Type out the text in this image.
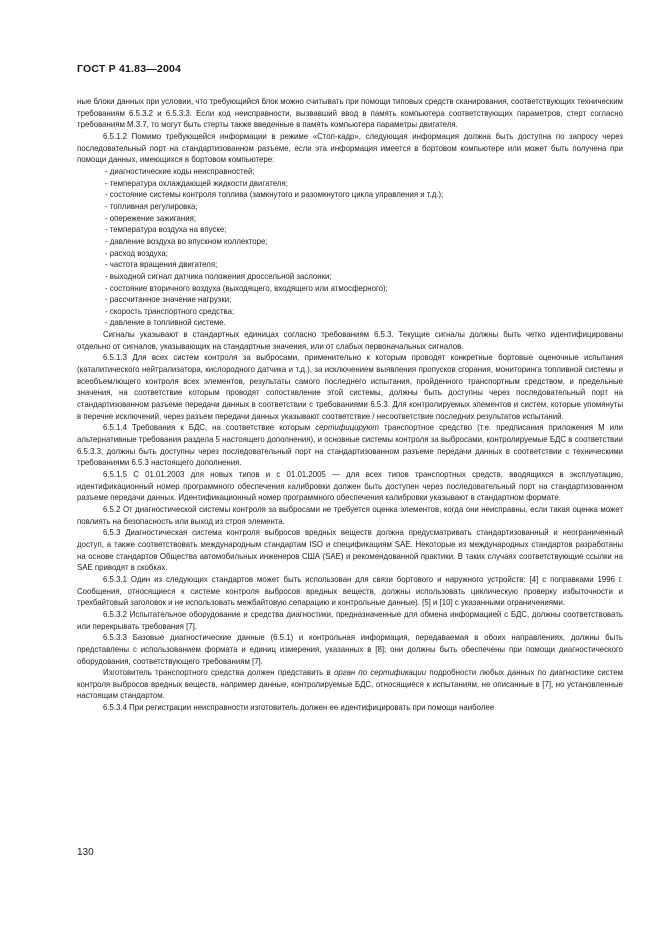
ГОСТ Р 41.83—2004

ные блоки данных при условии, что требующийся блок можно считывать при помощи типовых средств сканирования, соответствующих техническим требованиям 6.5.3.2 и 6.5.3.3. Если код неисправности, вызвавший ввод в память компьютера соответствующих параметров, стерт согласно требованиям М.3.7, то могут быть стерты также введенные в память компьютера параметры двигателя.

6.5.1.2 Помимо требующейся информации в режиме «Стоп-кадр», следующая информация должна быть доступна по запросу через последовательный порт на стандартизованном разъеме, если эта информация имеется в бортовом компьютере или может быть получена при помощи данных, имеющихся в бортовом компьютере:

- диагностические коды неисправностей;
- температура охлаждающей жидкости двигателя;
- состояние системы контроля топлива (замкнутого и разомкнутого цикла управления и т.д.);
- топливная регулировка;
- опережение зажигания;
- температура воздуха на впуске;
- давление воздуха во впускном коллекторе;
- расход воздуха;
- частота вращения двигателя;
- выходной сигнал датчика положения дроссельной заслонки;
- состояние вторичного воздуха (выходящего, входящего или атмосферного);
- рассчитанное значение нагрузки;
- скорость транспортного средства;
- давление в топливной системе.

Сигналы указывают в стандартных единицах согласно требованиям 6.5.3. Текущие сигналы должны быть четко идентифицированы отдельно от сигналов, указывающих на стандартные значения, или от слабых первоначальных сигналов.

6.5.1.3 Для всех систем контроля за выбросами, применительно к которым проводят конкретные бортовые оценочные испытания (каталитического нейтрализатора, кислородного датчика и т.д.), за исключением выявления пропусков сгорания, мониторинга топливной системы и всеобъемлющего контроля всех элементов, результаты самого последнего испытания, пройденного транспортным средством, и предельные значения, на соответствие которым проводят сопоставление этой системы, должны быть доступны через последовательный порт на стандартизованном разъеме передачи данных в соответствии с требованиями 6.5.3. Для контролируемых элементов и систем, которые упомянуты в перечне исключений, через разъем передачи данных указывают соответствие / несоответствие последних результатов испытаний.

6.5.1.4 Требования к БДС, на соответствие которым сертифицируют транспортное средство (т.е. предписания приложения М или альтернативные требования раздела 5 настоящего дополнения), и основные системы контроля за выбросами, контролируемые БДС в соответствии 6.5.3.3, должны быть доступны через последовательный порт на стандартизованном разъеме передачи данных в соответствии с техническими требованиями 6.5.3 настоящего дополнения.

6.5.1.5 С 01.01.2003 для новых типов и с 01.01.2005 — для всех типов транспортных средств, вводящихся в эксплуатацию, идентификационный номер программного обеспечения калибровки должен быть доступен через последовательный порт на стандартизованном разъеме передачи данных. Идентификационный номер программного обеспечения калибровки указывают в стандартном формате.

6.5.2 От диагностической системы контроля за выбросами не требуется оценка элементов, когда они неисправны, если такая оценка может повлиять на безопасность или выход из строя элемента.

6.5.3 Диагностическая система контроля выбросов вредных веществ должна предусматривать стандартизованный и неограниченный доступ, а также соответствовать международным стандартам ISO и спецификациям SAE. Некоторые из международных стандартов разработаны на основе стандартов Общества автомобильных инженеров США (SAE) и рекомендованной практики. В таких случаях соответствующие ссылки на SAE приводят в скобках.

6.5.3.1 Один из следующих стандартов может быть использован для связи бортового и наружного устройств: [4] с поправками 1996 г. Сообщения, относящиеся к системе контроля выбросов вредных веществ, должны использовать циклическую проверку избыточности и трехбайтовый заголовок и не использовать межбайтовую сепарацию и контрольные данные). [5] и [10] с указанными ограничениями.

6.5.3.2 Испытательное оборудование и средства диагностики, предназначенные для обмена информацией с БДС, должны соответствовать или перекрывать требования [7].

6.5.3.3 Базовые диагностические данные (6.5.1) и контрольная информация, передаваемая в обоих направлениях, должны быть представлены с использованием формата и единиц измерения, указанных в [8]; они должны быть обеспечены при помощи диагностического оборудования, соответствующего требованиям [7].

Изготовитель транспортного средства должен представить в орган по сертификации подробности любых данных по диагностике систем контроля выбросов вредных веществ, например данные, контролируемые БДС, относящиеся к испытаниям, не описанные в [7], но установленные настоящим стандартом.

6.5.3.4 При регистрации неисправности изготовитель должен ее идентифицировать при помощи наиболее

130
